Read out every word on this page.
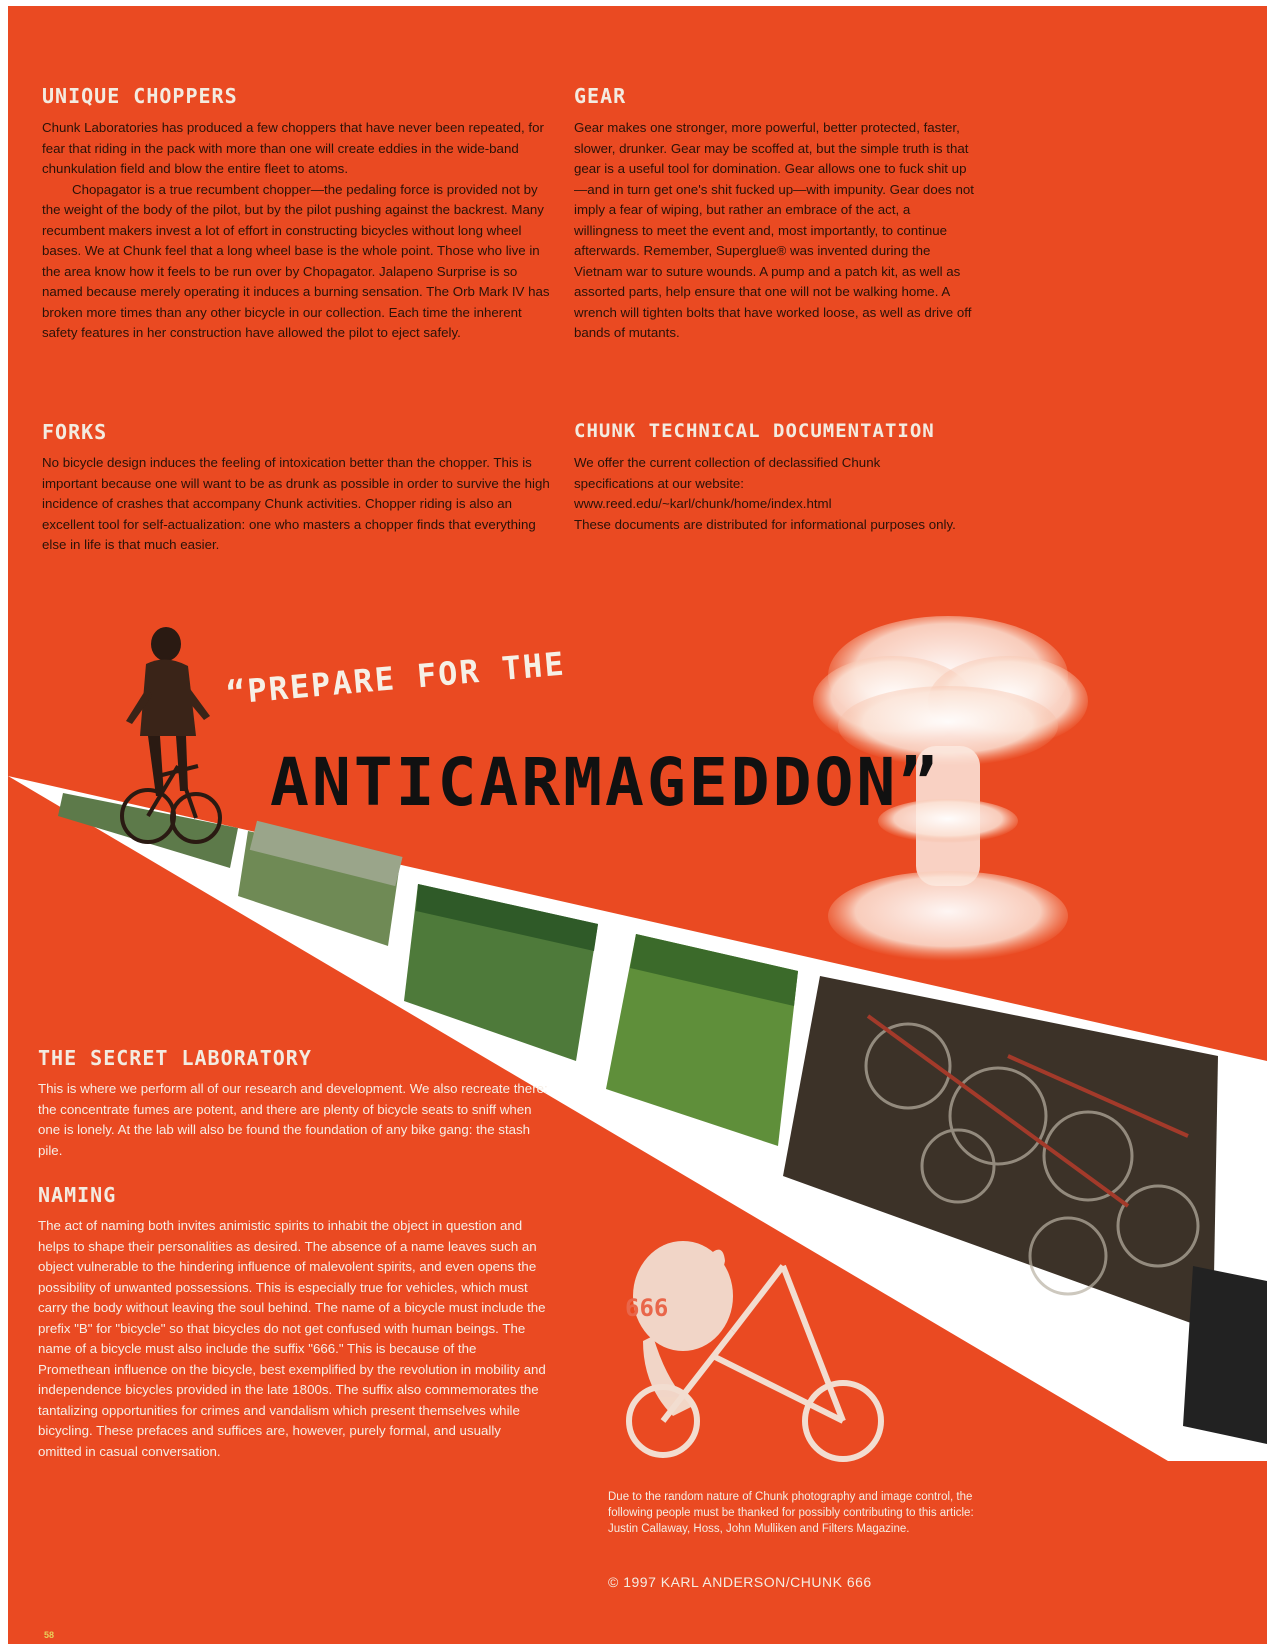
UNIQUE CHOPPERS

Chunk Laboratories has produced a few choppers that have never been repeated, for fear that riding in the pack with more than one will create eddies in the wide-band chunkulation field and blow the entire fleet to atoms.

Chopagator is a true recumbent chopper—the pedaling force is provided not by the weight of the body of the pilot, but by the pilot pushing against the backrest. Many recumbent makers invest a lot of effort in constructing bicycles without long wheel bases. We at Chunk feel that a long wheel base is the whole point. Those who live in the area know how it feels to be run over by Chopagator. Jalapeno Surprise is so named because merely operating it induces a burning sensation. The Orb Mark IV has broken more times than any other bicycle in our collection. Each time the inherent safety features in her construction have allowed the pilot to eject safely.

FORKS
No bicycle design induces the feeling of intoxication better than the chopper. This is important because one will want to be as drunk as possible in order to survive the high incidence of crashes that accompany Chunk activities. Chopper riding is also an excellent tool for self-actualization: one who masters a chopper finds that everything else in life is that much easier.
GEAR
Gear makes one stronger, more powerful, better protected, faster, slower, drunker. Gear may be scoffed at, but the simple truth is that gear is a useful tool for domination. Gear allows one to fuck shit up—and in turn get one's shit fucked up—with impunity. Gear does not imply a fear of wiping, but rather an embrace of the act, a willingness to meet the event and, most importantly, to continue afterwards. Remember, Superglue® was invented during the Vietnam war to suture wounds. A pump and a patch kit, as well as assorted parts, help ensure that one will not be walking home. A wrench will tighten bolts that have worked loose, as well as drive off bands of mutants.
CHUNK TECHNICAL DOCUMENTATION

We offer the current collection of declassified Chunk specifications at our website:

www.reed.edu/~karl/chunk/home/index.html

These documents are distributed for informational purposes only.

“PREPARE FOR THE
ANTICARMAGEDDON”
666
THE SECRET LABORATORY
This is where we perform all of our research and development. We also recreate there: the concentrate fumes are potent, and there are plenty of bicycle seats to sniff when one is lonely. At the lab will also be found the foundation of any bike gang: the stash pile.
NAMING
The act of naming both invites animistic spirits to inhabit the object in question and helps to shape their personalities as desired. The absence of a name leaves such an object vulnerable to the hindering influence of malevolent spirits, and even opens the possibility of unwanted possessions. This is especially true for vehicles, which must carry the body without leaving the soul behind. The name of a bicycle must include the prefix "B" for "bicycle" so that bicycles do not get confused with human beings. The name of a bicycle must also include the suffix "666." This is because of the Promethean influence on the bicycle, best exemplified by the revolution in mobility and independence bicycles provided in the late 1800s. The suffix also commemorates the tantalizing opportunities for crimes and vandalism which present themselves while bicycling. These prefaces and suffices are, however, purely formal, and usually omitted in casual conversation.

Due to the random nature of Chunk photography and image control, the following people must be thanked for possibly contributing to this article: Justin Callaway, Hoss, John Mulliken and Filters Magazine.

© 1997 KARL ANDERSON/CHUNK 666
58
